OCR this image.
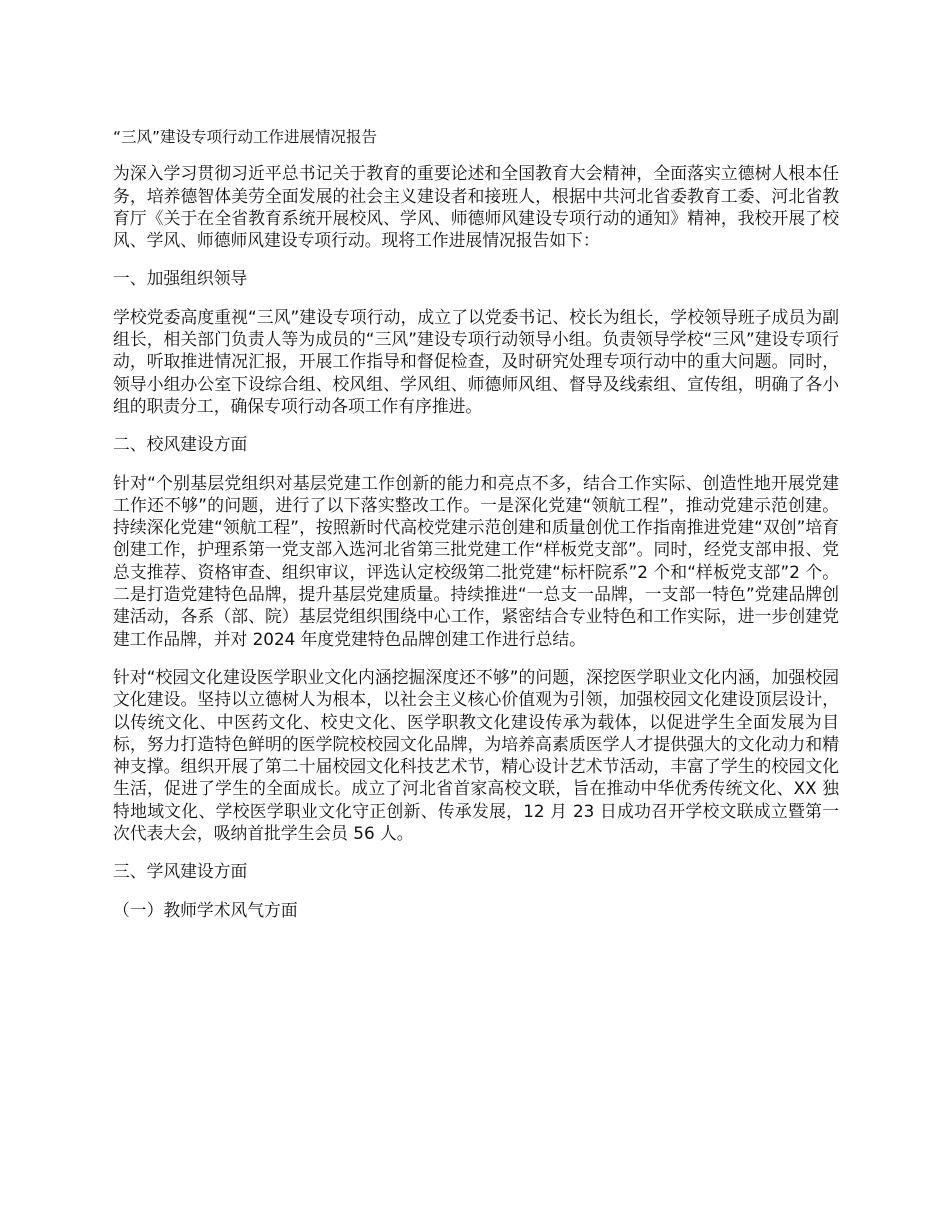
“三风”建设专项行动工作进展情况报告

为深入学习贯彻习近平总书记关于教育的重要论述和全国教育大会精神，全面落实立德树人根本任务，培养德智体美劳全面发展的社会主义建设者和接班人，根据中共河北省委教育工委、河北省教育厅《关于在全省教育系统开展校风、学风、师德师风建设专项行动的通知》精神，我校开展了校风、学风、师德师风建设专项行动。现将工作进展情况报告如下：

一、加强组织领导

学校党委高度重视“三风”建设专项行动，成立了以党委书记、校长为组长，学校领导班子成员为副组长，相关部门负责人等为成员的“三风”建设专项行动领导小组。负责领导学校“三风”建设专项行动，听取推进情况汇报，开展工作指导和督促检查，及时研究处理专项行动中的重大问题。同时，领导小组办公室下设综合组、校风组、学风组、师德师风组、督导及线索组、宣传组，明确了各小组的职责分工，确保专项行动各项工作有序推进。

二、校风建设方面

针对“个别基层党组织对基层党建工作创新的能力和亮点不多，结合工作实际、创造性地开展党建工作还不够”的问题，进行了以下落实整改工作。一是深化党建“领航工程”，推动党建示范创建。持续深化党建“领航工程”，按照新时代高校党建示范创建和质量创优工作指南推进党建“双创”培育创建工作，护理系第一党支部入选河北省第三批党建工作“样板党支部”。同时，经党支部申报、党总支推荐、资格审查、组织审议，评选认定校级第二批党建“标杆院系”2 个和“样板党支部”2 个。二是打造党建特色品牌，提升基层党建质量。持续推进“一总支一品牌，一支部一特色”党建品牌创建活动，各系（部、院）基层党组织围绕中心工作，紧密结合专业特色和工作实际，进一步创建党建工作品牌，并对 2024 年度党建特色品牌创建工作进行总结。

针对“校园文化建设医学职业文化内涵挖掘深度还不够”的问题，深挖医学职业文化内涵，加强校园文化建设。坚持以立德树人为根本，以社会主义核心价值观为引领，加强校园文化建设顶层设计，以传统文化、中医药文化、校史文化、医学职教文化建设传承为载体，以促进学生全面发展为目标，努力打造特色鲜明的医学院校校园文化品牌，为培养高素质医学人才提供强大的文化动力和精神支撑。组织开展了第二十届校园文化科技艺术节，精心设计艺术节活动，丰富了学生的校园文化生活，促进了学生的全面成长。成立了河北省首家高校文联，旨在推动中华优秀传统文化、XX 独特地域文化、学校医学职业文化守正创新、传承发展，12 月 23 日成功召开学校文联成立暨第一次代表大会，吸纳首批学生会员 56 人。

三、学风建设方面

（一）教师学术风气方面
